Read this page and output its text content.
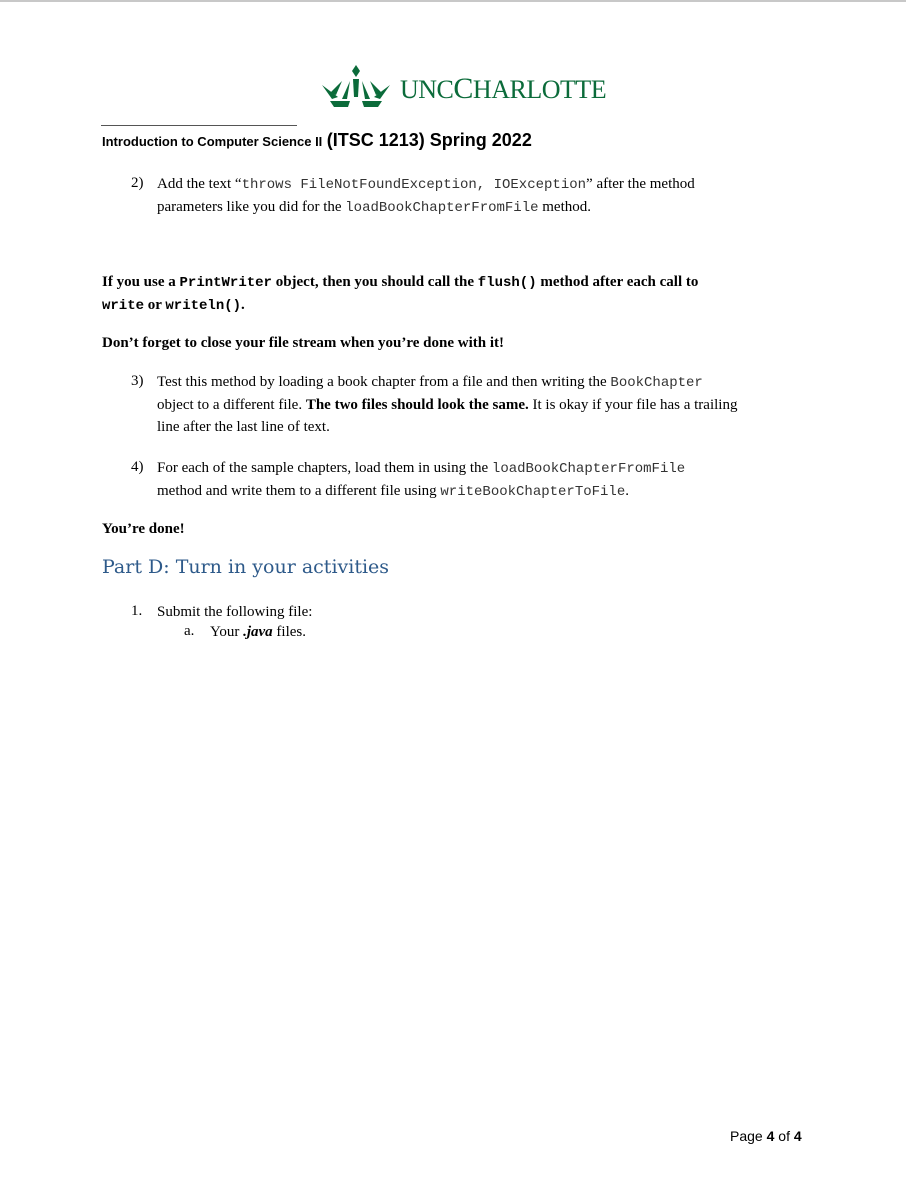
UNCCHARLOTTE
Introduction to Computer Science II (ITSC 1213) Spring 2022
2) Add the text “throws FileNotFoundException, IOException” after the method
parameters like you did for the loadBookChapterFromFile method.
If you use a PrintWriter object, then you should call the flush() method after each call to
write or writeln().
Don’t forget to close your file stream when you’re done with it!
3) Test this method by loading a book chapter from a file and then writing the BookChapter
object to a different file. The two files should look the same. It is okay if your file has a trailing
line after the last line of text.
4) For each of the sample chapters, load them in using the loadBookChapterFromFile
method and write them to a different file using writeBookChapterToFile.
You’re done!
Part D: Turn in your activities
1. Submit the following file:
a. Your .java files.
Page 4 of 4
